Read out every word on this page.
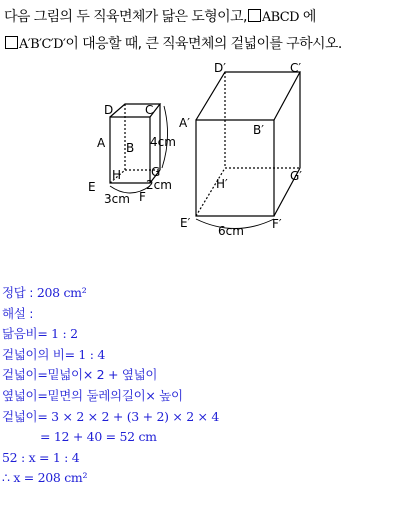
다음 그림의 두 직육면체가 닮은 도형이고, ABCD 에
A′B′C′D′이 대응할 때, 큰 직육면체의 겉넓이를 구하시오.
D	C
A B
H G
E
F
4cm
2cm
3cm
D′	C′
A′	B′
H′
G′
E′	F′
6cm
정답 : 208 cm²
해설 :
닮음비= 1 : 2
겉넓이의 비= 1 : 4
겉넓이=밑넓이× 2 + 옆넓이
옆넓이=밑면의 둘레의길이× 높이
겉넓이= 3 × 2 × 2 + (3 + 2) × 2 × 4
= 12 + 40 = 52 cm
52 : x = 1 : 4
∴ x = 208 cm²
